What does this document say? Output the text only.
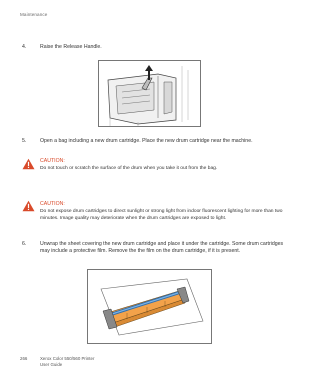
Maintenance
4.	Raise the Release Handle.
5.	Open a bag including a new drum cartridge. Place the new drum cartridge near the machine.
CAUTION:
Do not touch or scratch the surface of the drum when you take it out from the bag.
CAUTION:
Do not expose drum cartridges to direct sunlight or strong light from indoor fluorescent lighting for more than two minutes. Image quality may deteriorate when the drum cartridges are exposed to light.
6.	Unwrap the sheet covering the new drum cartridge and place it under the cartridge. Some drum cartridges may include a protective film. Remove the the film on the drum cartridge, if it is present.
266	Xerox Color 550/560 Printer
User Guide
